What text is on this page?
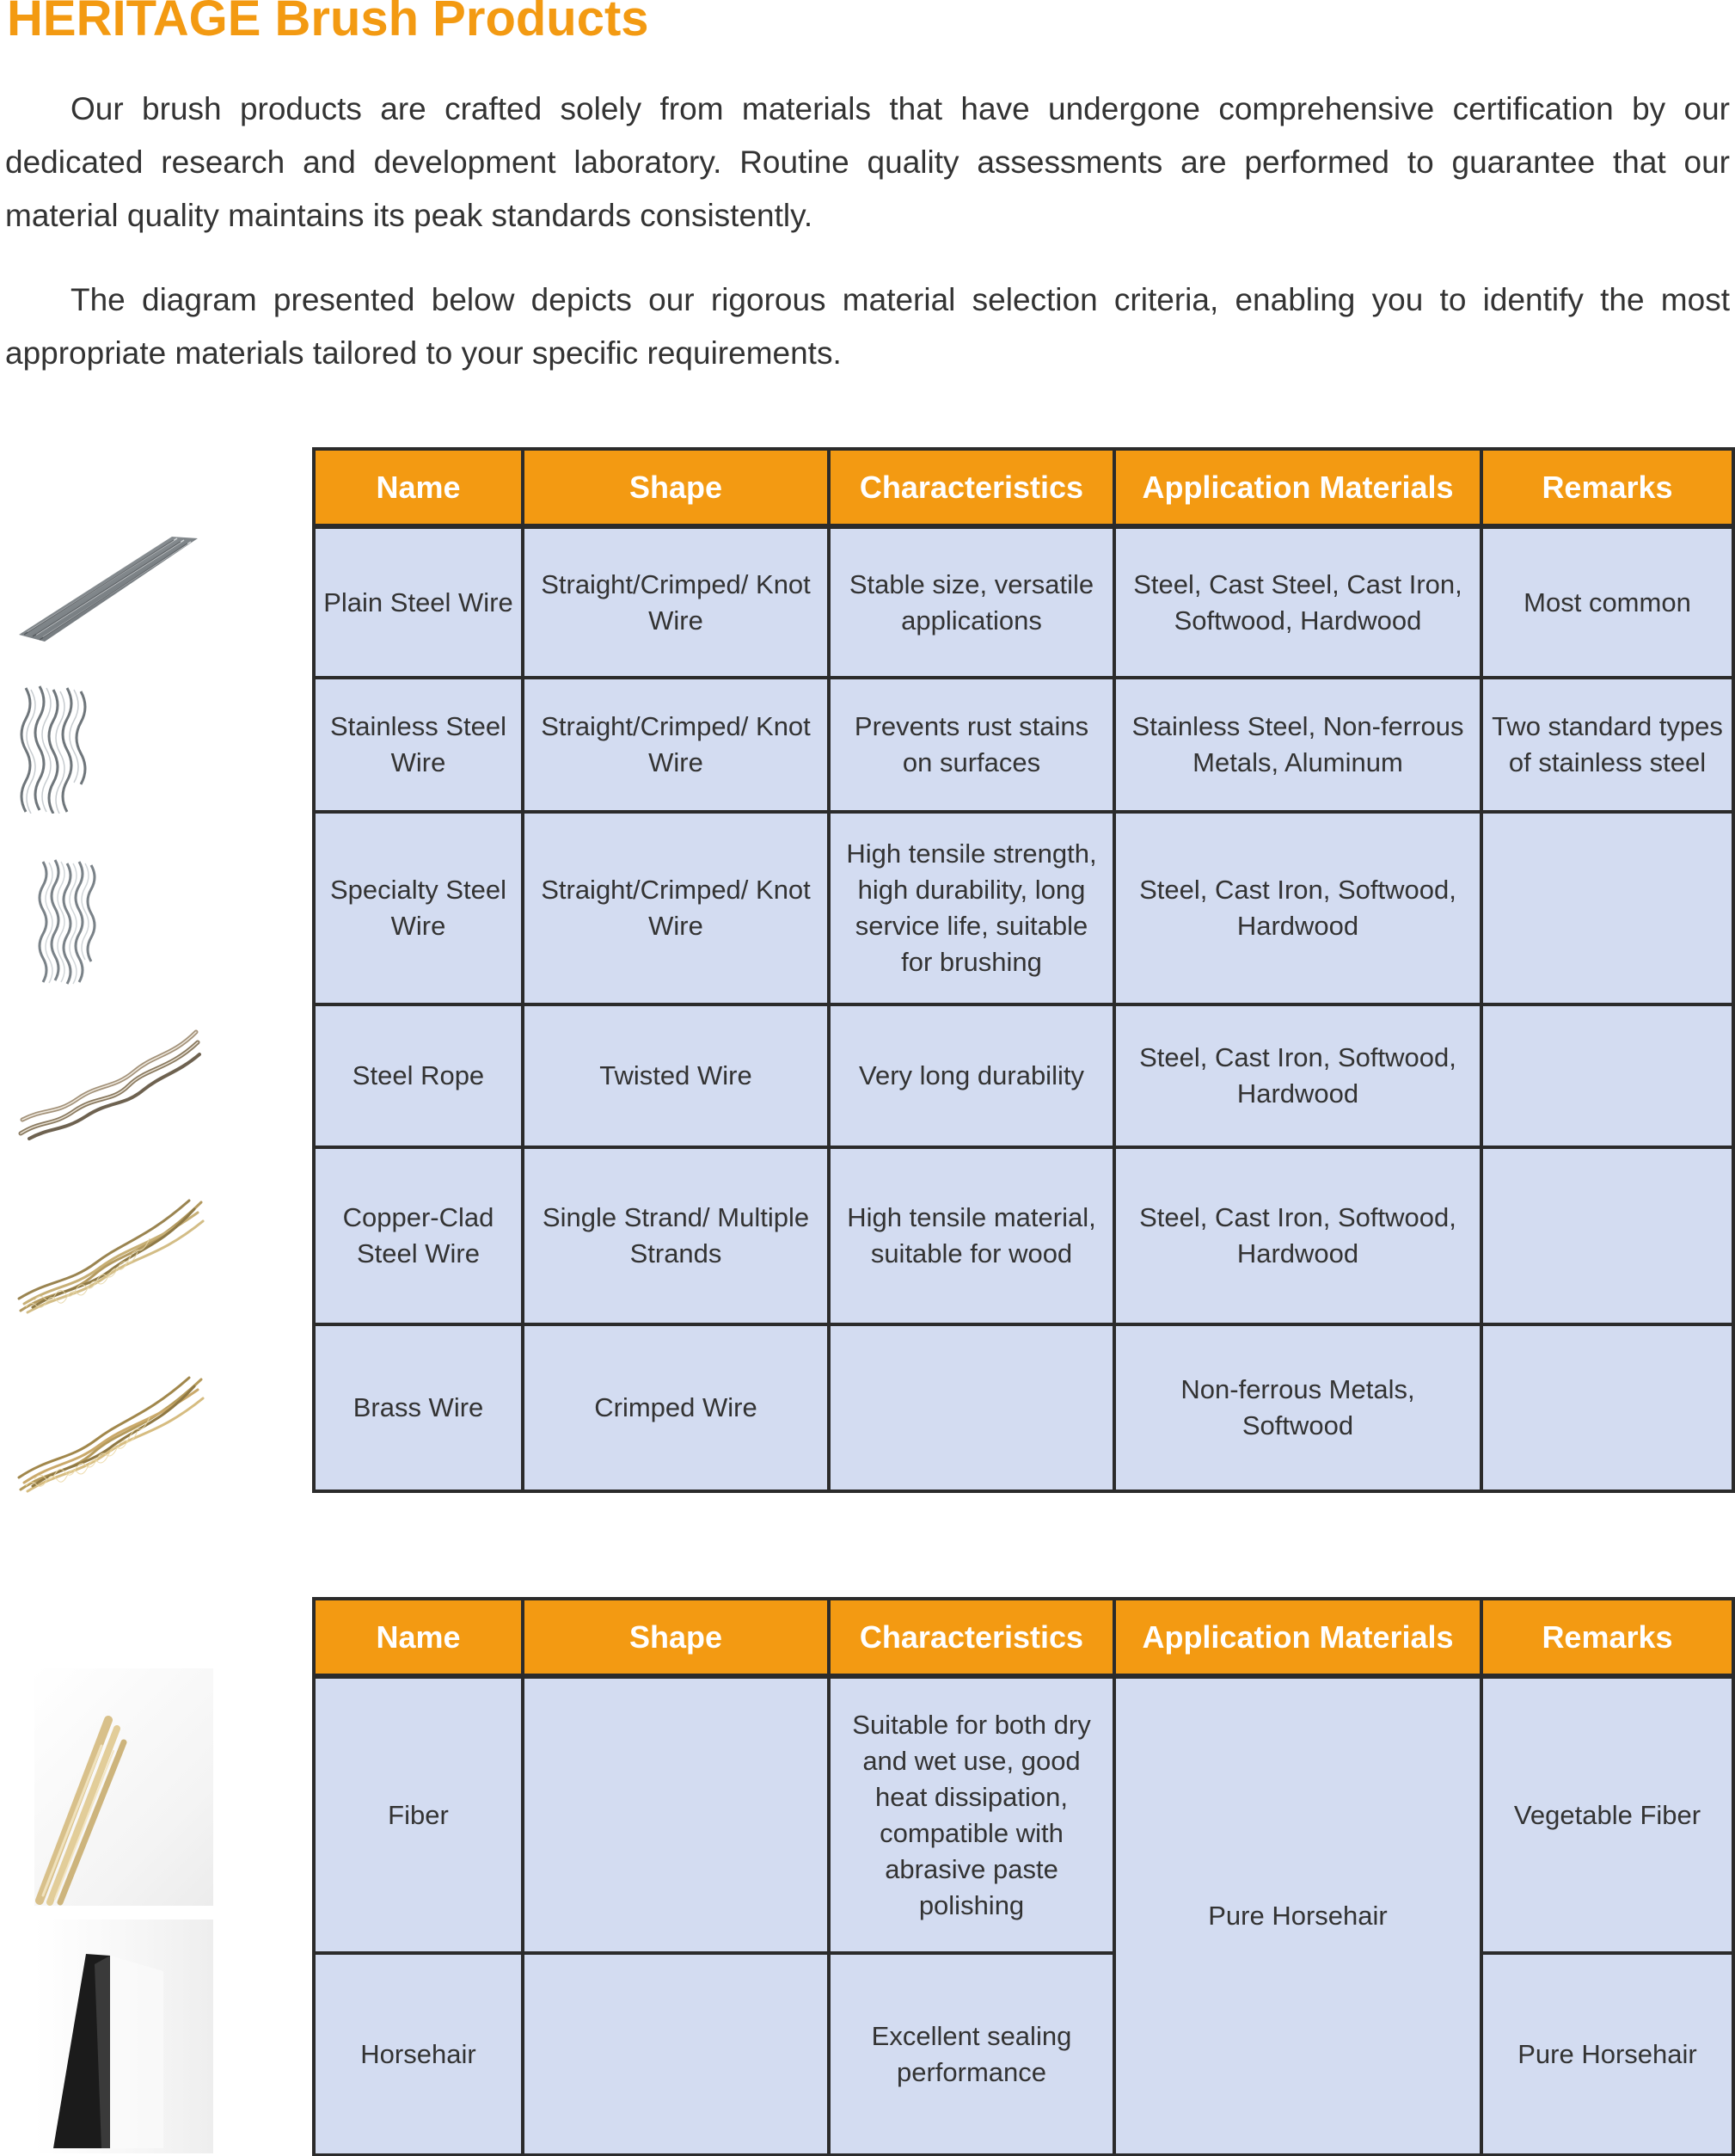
HERITAGE Brush Products

Our brush products are crafted solely from materials that have undergone comprehensive certification by our dedicated research and development laboratory. Routine quality assessments are performed to guarantee that our material quality maintains its peak standards consistently.

The diagram presented below depicts our rigorous material selection criteria, enabling you to identify the most appropriate materials tailored to your specific requirements.

Name	Shape	Characteristics	Application Materials	Remarks
Plain Steel Wire	Straight/Crimped/ Knot Wire	Stable size, versatile applications	Steel, Cast Steel, Cast Iron, Softwood, Hardwood	Most common
Stainless Steel Wire	Straight/Crimped/ Knot Wire	Prevents rust stains on surfaces	Stainless Steel, Non-ferrous Metals, Aluminum	Two standard types of stainless steel
Specialty Steel Wire	Straight/Crimped/ Knot Wire	High tensile strength, high durability, long service life, suitable for brushing	Steel, Cast Iron, Softwood, Hardwood	
Steel Rope	Twisted Wire	Very long durability	Steel, Cast Iron, Softwood, Hardwood	
Copper-Clad Steel Wire	Single Strand/ Multiple Strands	High tensile material, suitable for wood	Steel, Cast Iron, Softwood, Hardwood	
Brass Wire	Crimped Wire		Non-ferrous Metals, Softwood	
Name	Shape	Characteristics	Application Materials	Remarks
Fiber		Suitable for both dry and wet use, good heat dissipation, compatible with abrasive paste polishing	Pure Horsehair	Vegetable Fiber
Horsehair		Excellent sealing performance		Pure Horsehair
